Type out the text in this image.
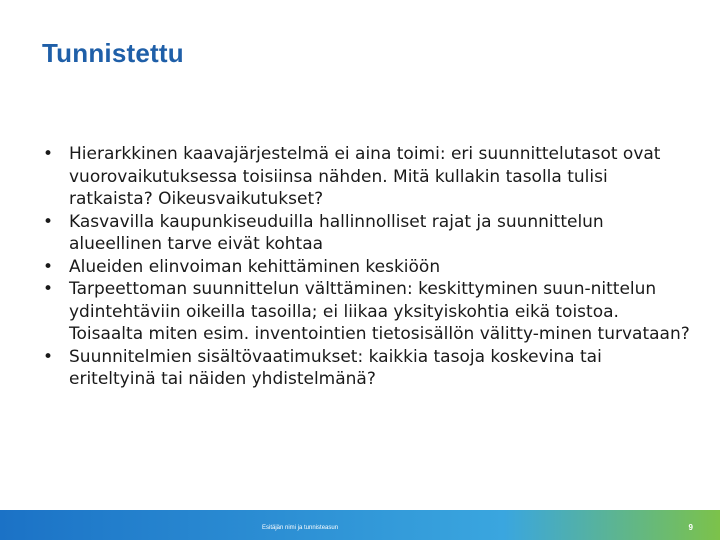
Tunnistettu
• Hierarkkinen kaavajärjestelmä ei aina toimi: eri suunnittelutasot ovat vuorovaikutuksessa toisiinsa nähden. Mitä kullakin tasolla tulisi ratkaista? Oikeusvaikutukset?
• Kasvavilla kaupunkiseuduilla hallinnolliset rajat ja suunnittelun alueellinen tarve eivät kohtaa
• Alueiden elinvoiman kehittäminen keskiöön
• Tarpeettoman suunnittelun välttäminen: keskittyminen suun-nittelun ydintehtäviin oikeilla tasoilla; ei liikaa yksityiskohtia eikä toistoa. Toisaalta miten esim. inventointien tietosisällön välitty-minen turvataan?
• Suunnitelmien sisältövaatimukset: kaikkia tasoja koskevina tai eriteltyinä tai näiden yhdistelmänä?
Esitäjän nimi ja tunnisteasun	9
